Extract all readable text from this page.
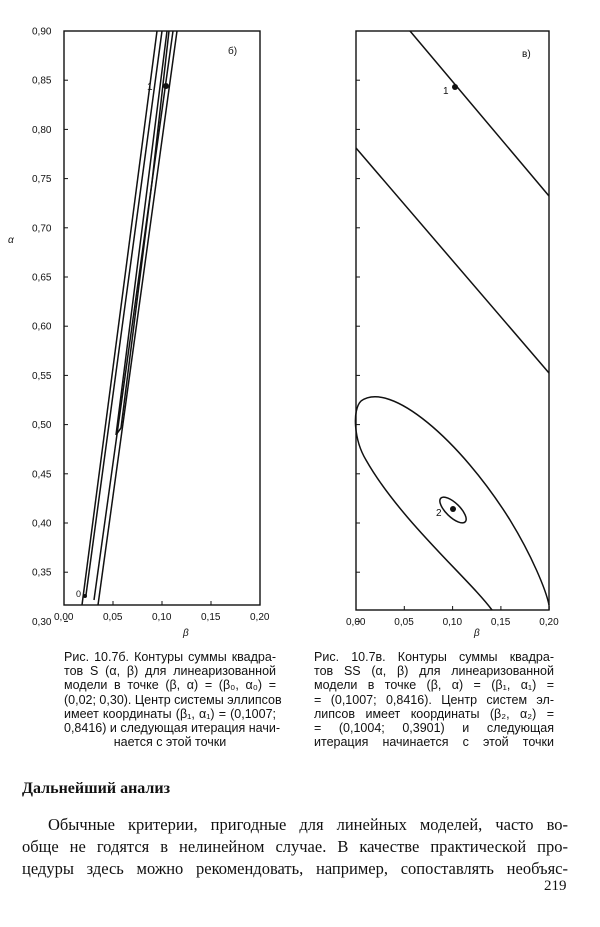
0,90
0,85
0,80
0,75
0,70
0,65
0,60
0,55
0,50
0,45
0,40
0,35
0,30 0,00	0,05	0,10	0,15	0,20
α
β
б)
1
0
0,00	0,05	0,10	0,15	0,20
β
в)
1
2
Рис. 10.7б. Контуры суммы квадра-
тов S (α, β) для линеаризованной
модели в точке (β, α) = (β₀, α₀) =
(0,02; 0,30). Центр системы эллипсов
имеет координаты (β₁, α₁) = (0,1007;
0,8416) и следующая итерация начи-
нается с этой точки
Рис. 10.7в. Контуры суммы квадра-
тов SS (α, β) для линеаризованной
модели в точке (β, α) = (β₁, α₁) =
= (0,1007; 0,8416). Центр систем эл-
липсов имеет координаты (β₂, α₂) =
= (0,1004; 0,3901) и следующая
итерация начинается с этой точки
Дальнейший анализ
Обычные критерии, пригодные для линейных моделей, часто во-
обще не годятся в нелинейном случае. В качестве практической про-
цедуры здесь можно рекомендовать, например, сопоставлять необъяс-
219
